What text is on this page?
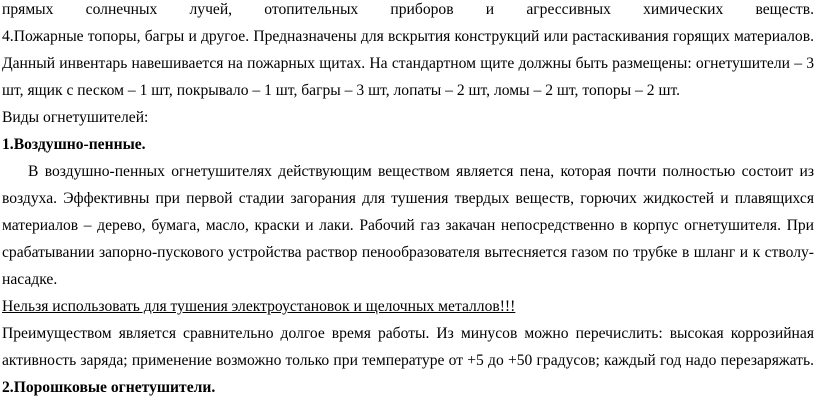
прямых солнечных лучей, отопительных приборов и агрессивных химических веществ.
4.Пожарные топоры, багры и другое. Предназначены для вскрытия конструкций или растаскивания горящих материалов.
Данный инвентарь навешивается на пожарных щитах. На стандартном щите должны быть размещены: огнетушители – 3
шт, ящик с песком – 1 шт, покрывало – 1 шт, багры – 3 шт, лопаты – 2 шт, ломы – 2 шт, топоры – 2 шт.
Виды огнетушителей:
1.Воздушно-пенные.
В воздушно-пенных огнетушителях действующим веществом является пена, которая почти полностью состоит из
воздуха. Эффективны при первой стадии загорания для тушения твердых веществ, горючих жидкостей и плавящихся
материалов – дерево, бумага, масло, краски и лаки. Рабочий газ закачан непосредственно в корпус огнетушителя. При
срабатывании запорно-пускового устройства раствор пенообразователя вытесняется газом по трубке в шланг и к стволу-
насадке.
Нельзя использовать для тушения электроустановок и щелочных металлов!!!
Преимуществом является сравнительно долгое время работы. Из минусов можно перечислить: высокая коррозийная
активность заряда; применение возможно только при температуре от +5 до +50 градусов; каждый год надо перезаряжать.
2.Порошковые огнетушители.
